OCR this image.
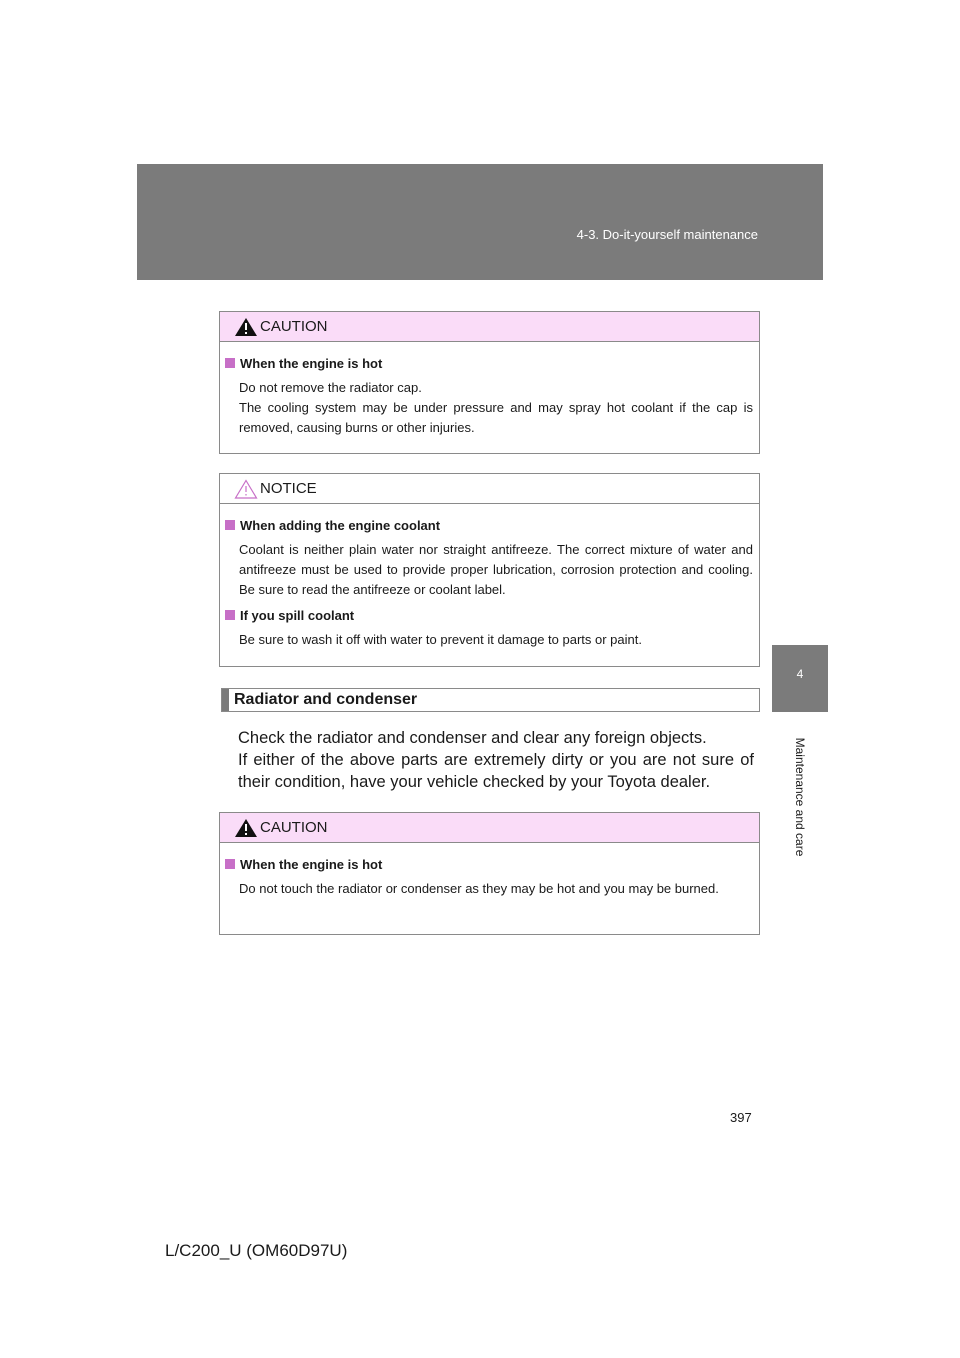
4-3. Do-it-yourself maintenance
4
Maintenance and care
CAUTION
When the engine is hot
Do not remove the radiator cap.
The cooling system may be under pressure and may spray hot coolant if the cap is removed, causing burns or other injuries.
NOTICE
When adding the engine coolant
Coolant is neither plain water nor straight antifreeze. The correct mixture of water and antifreeze must be used to provide proper lubrication, corrosion protection and cooling. Be sure to read the antifreeze or coolant label.
If you spill coolant
Be sure to wash it off with water to prevent it damage to parts or paint.
Radiator and condenser
Check the radiator and condenser and clear any foreign objects.
If either of the above parts are extremely dirty or you are not sure of their condition, have your vehicle checked by your Toyota dealer.
CAUTION
When the engine is hot
Do not touch the radiator or condenser as they may be hot and you may be burned.
397
L/C200_U (OM60D97U)
